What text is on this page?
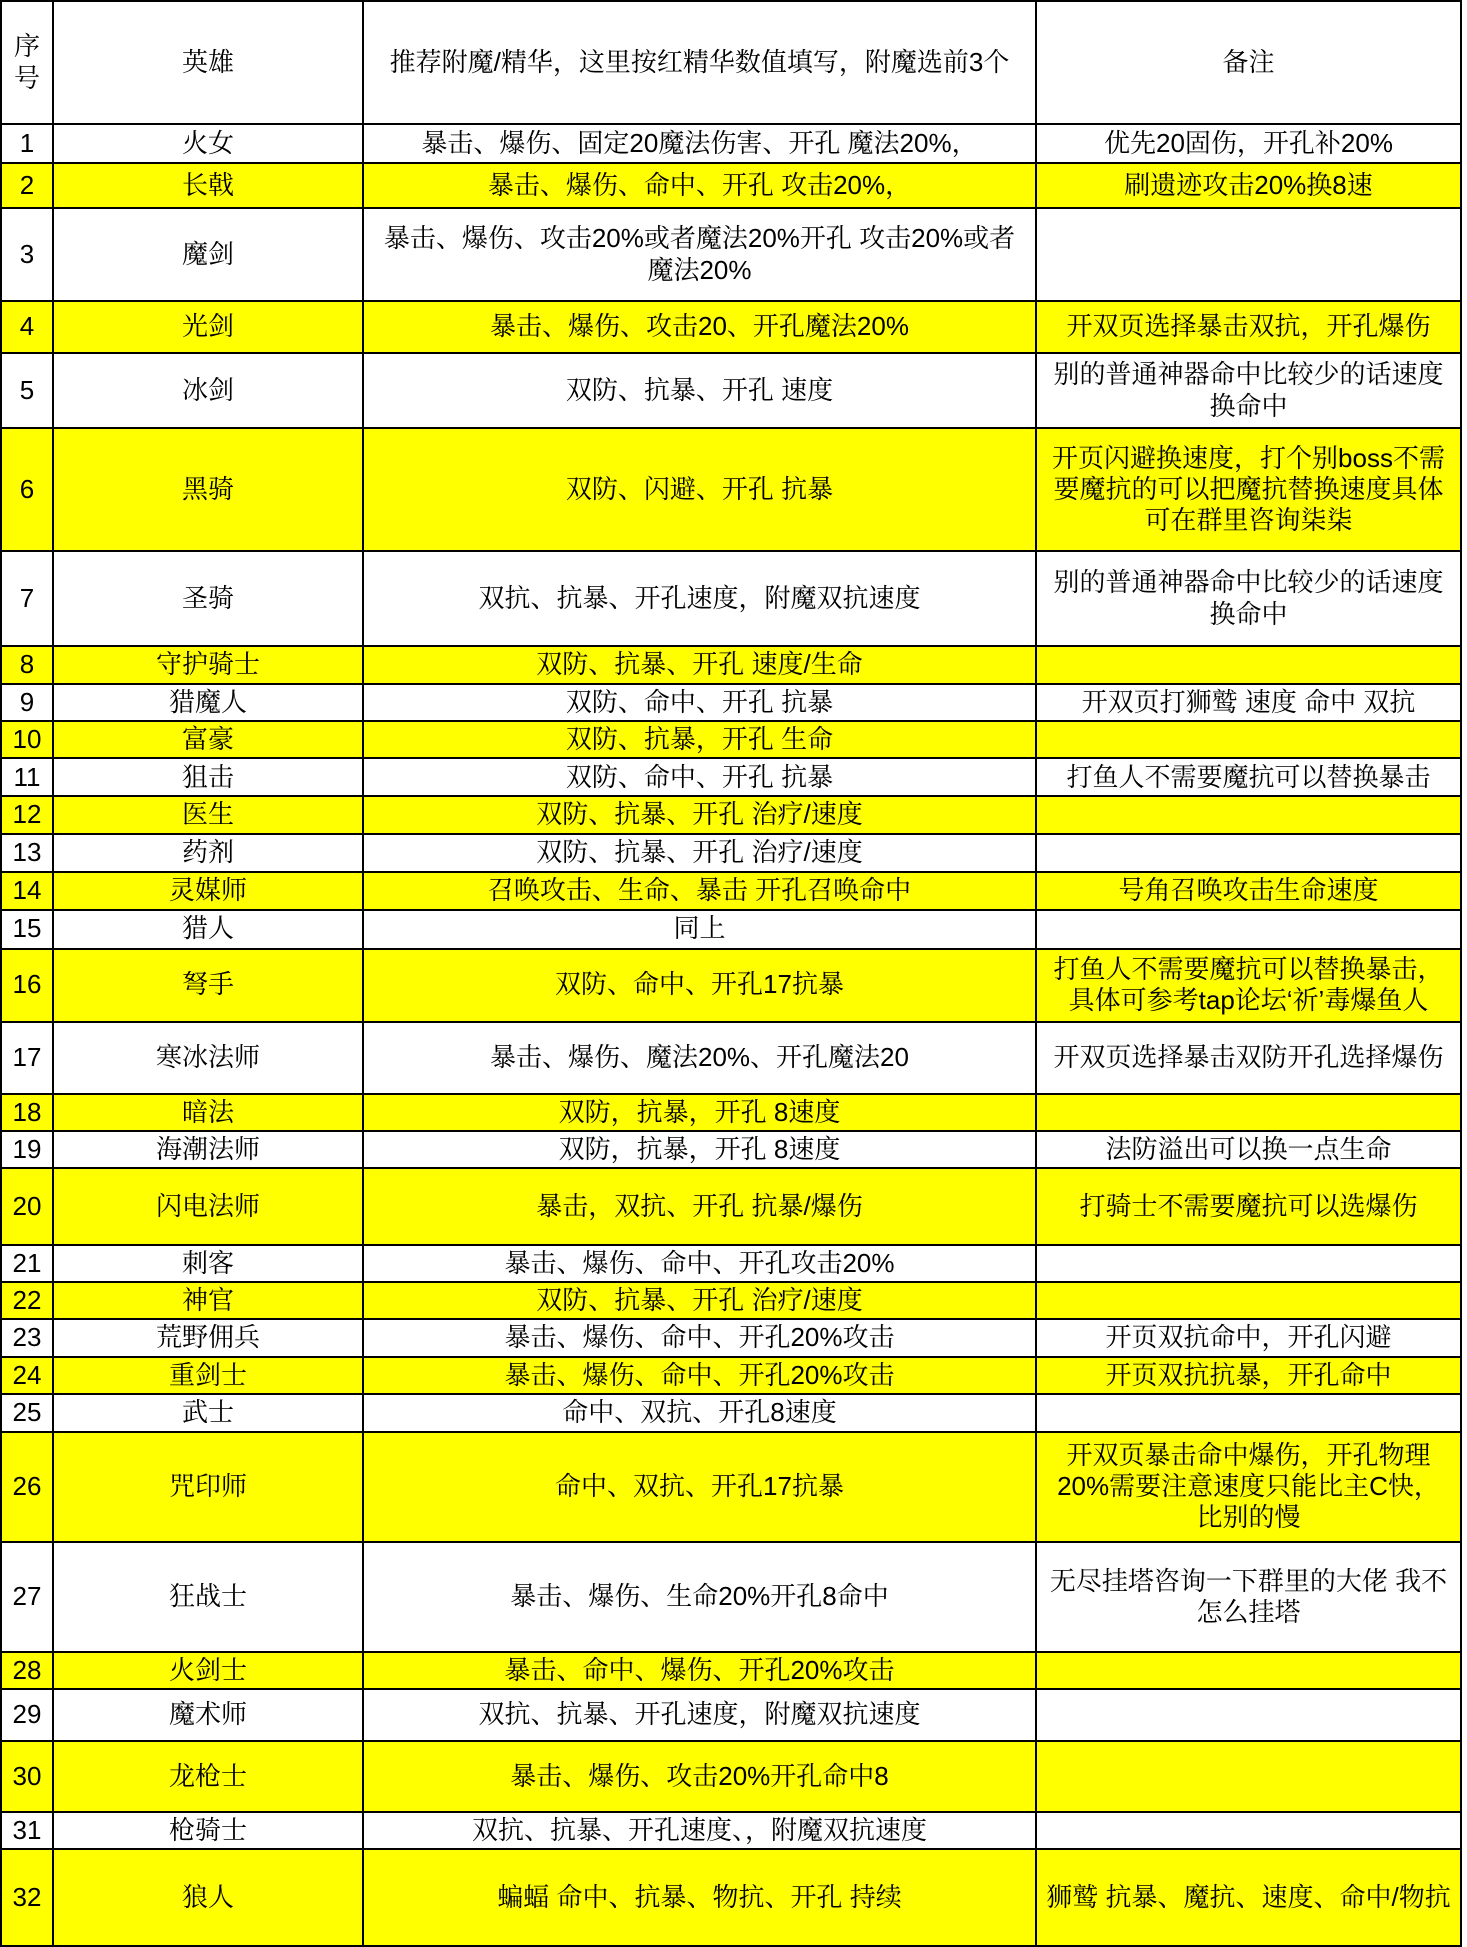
序号	英雄	推荐附魔/精华，这里按红精华数值填写，附魔选前3个	备注
1	火女	暴击、爆伤、固定20魔法伤害、开孔 魔法20%，	优先20固伤，开孔补20%
2	长戟	暴击、爆伤、命中、开孔 攻击20%，	刷遗迹攻击20%换8速
3	魔剑	暴击、爆伤、攻击20%或者魔法20%开孔 攻击20%或者魔法20%	
4	光剑	暴击、爆伤、攻击20、开孔魔法20%	开双页选择暴击双抗，开孔爆伤
5	冰剑	双防、抗暴、开孔 速度	别的普通神器命中比较少的话速度换命中
6	黑骑	双防、闪避、开孔 抗暴	开页闪避换速度，打个别boss不需要魔抗的可以把魔抗替换速度具体可在群里咨询柒柒
7	圣骑	双抗、抗暴、开孔速度，附魔双抗速度	别的普通神器命中比较少的话速度换命中
8	守护骑士	双防、抗暴、开孔 速度/生命	
9	猎魔人	双防、命中、开孔 抗暴	开双页打狮鹫 速度 命中 双抗
10	富豪	双防、抗暴，开孔 生命	
11	狙击	双防、命中、开孔 抗暴	打鱼人不需要魔抗可以替换暴击
12	医生	双防、抗暴、开孔 治疗/速度	
13	药剂	双防、抗暴、开孔 治疗/速度	
14	灵媒师	召唤攻击、生命、暴击 开孔召唤命中	号角召唤攻击生命速度
15	猎人	同上	
16	弩手	双防、命中、开孔17抗暴	打鱼人不需要魔抗可以替换暴击，具体可参考tap论坛‘祈’毒爆鱼人
17	寒冰法师	暴击、爆伤、魔法20%、开孔魔法20	开双页选择暴击双防开孔选择爆伤
18	暗法	双防，抗暴，开孔 8速度	
19	海潮法师	双防，抗暴，开孔 8速度	法防溢出可以换一点生命
20	闪电法师	暴击，双抗、开孔 抗暴/爆伤	打骑士不需要魔抗可以选爆伤
21	刺客	暴击、爆伤、命中、开孔攻击20%	
22	神官	双防、抗暴、开孔 治疗/速度	
23	荒野佣兵	暴击、爆伤、命中、开孔20%攻击	开页双抗命中，开孔闪避
24	重剑士	暴击、爆伤、命中、开孔20%攻击	开页双抗抗暴，开孔命中
25	武士	命中、双抗、开孔8速度	
26	咒印师	命中、双抗、开孔17抗暴	开双页暴击命中爆伤，开孔物理20%需要注意速度只能比主C快，比别的慢
27	狂战士	暴击、爆伤、生命20%开孔8命中	无尽挂塔咨询一下群里的大佬 我不怎么挂塔
28	火剑士	暴击、命中、爆伤、开孔20%攻击	
29	魔术师	双抗、抗暴、开孔速度，附魔双抗速度	
30	龙枪士	暴击、爆伤、攻击20%开孔命中8	
31	枪骑士	双抗、抗暴、开孔速度、，附魔双抗速度	
32	狼人	蝙蝠 命中、抗暴、物抗、开孔 持续	狮鹫 抗暴、魔抗、速度、命中/物抗
